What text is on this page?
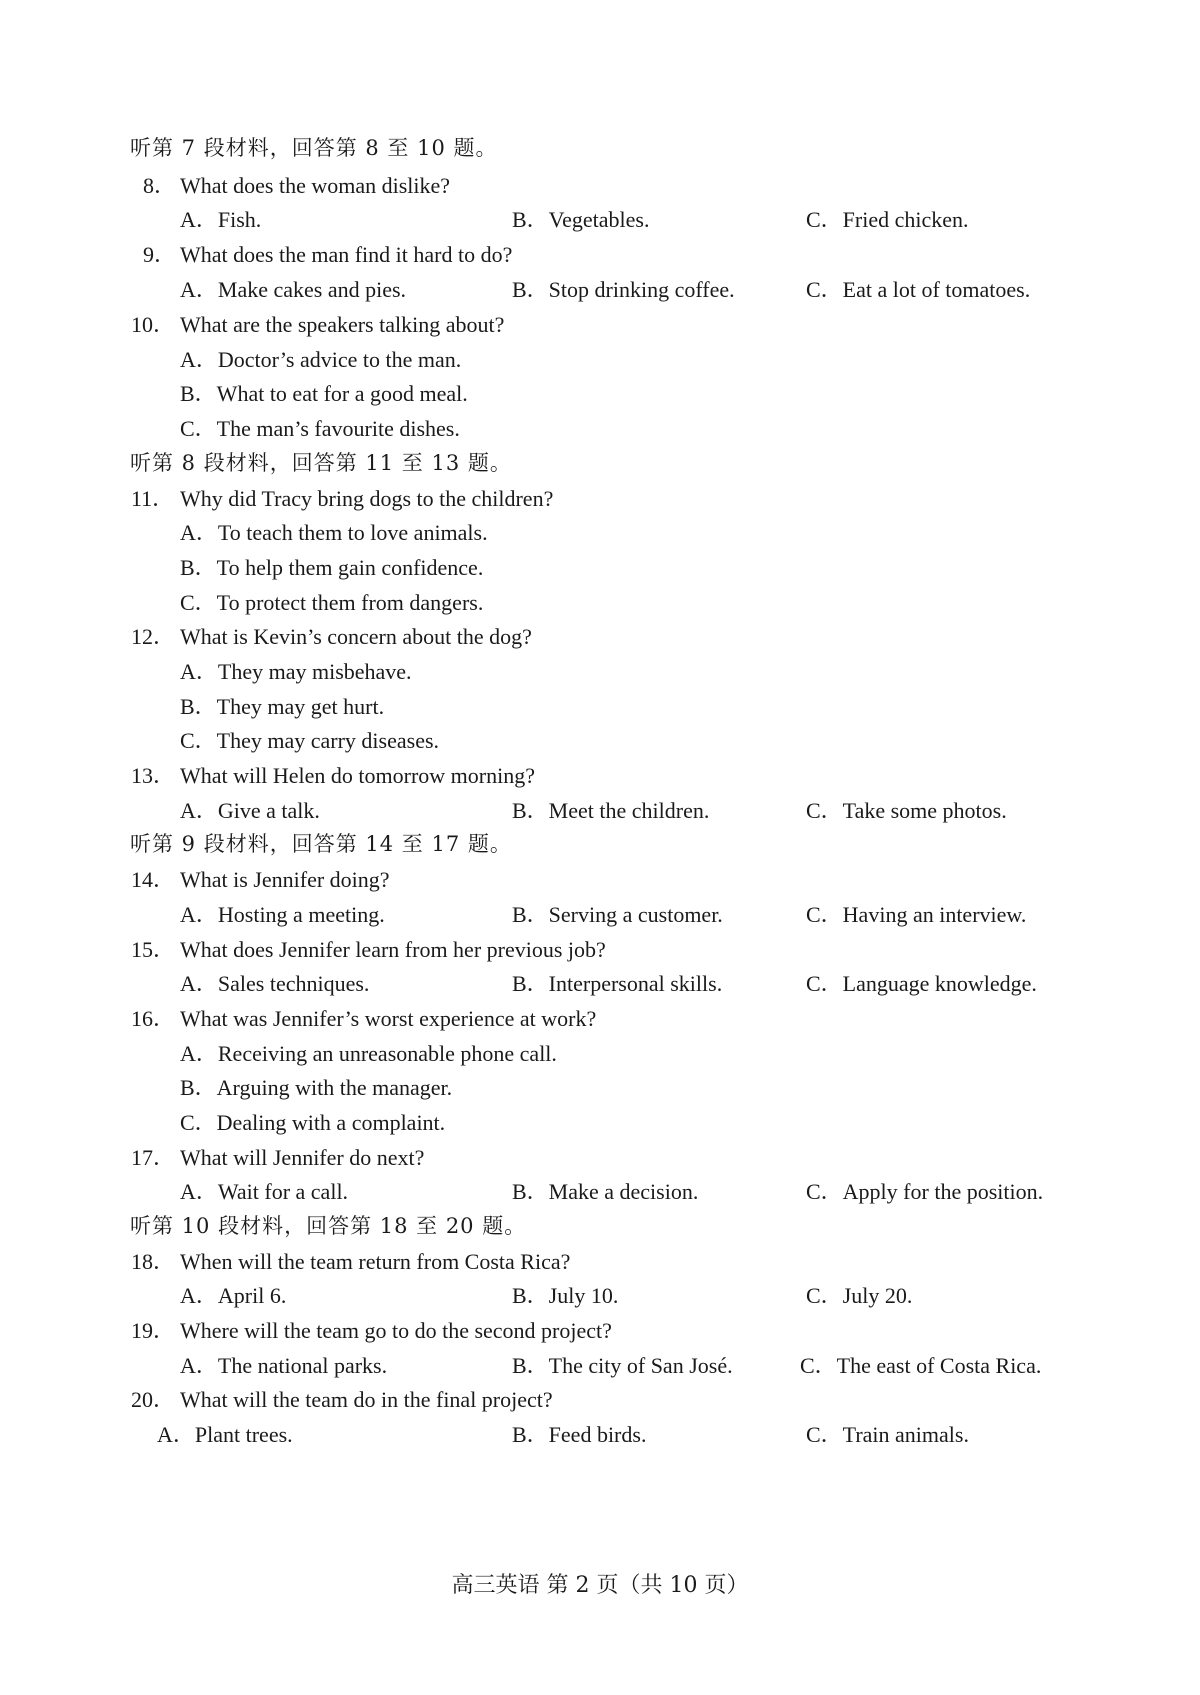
听第 7 段材料，回答第 8 至 10 题。
8． What does the woman dislike?
A．Fish.	B．Vegetables.	C．Fried chicken.
9． What does the man find it hard to do?
A．Make cakes and pies.	B．Stop drinking coffee.	C．Eat a lot of tomatoes.
10． What are the speakers talking about?
A．Doctor’s advice to the man.
B．What to eat for a good meal.
C．The man’s favourite dishes.
听第 8 段材料，回答第 11 至 13 题。
11． Why did Tracy bring dogs to the children?
A．To teach them to love animals.
B．To help them gain confidence.
C．To protect them from dangers.
12． What is Kevin’s concern about the dog?
A．They may misbehave.
B．They may get hurt.
C．They may carry diseases.
13． What will Helen do tomorrow morning?
A．Give a talk.	B．Meet the children.	C．Take some photos.
听第 9 段材料，回答第 14 至 17 题。
14． What is Jennifer doing?
A．Hosting a meeting.	B．Serving a customer.	C．Having an interview.
15． What does Jennifer learn from her previous job?
A．Sales techniques.	B．Interpersonal skills.	C．Language knowledge.
16． What was Jennifer’s worst experience at work?
A．Receiving an unreasonable phone call.
B．Arguing with the manager.
C．Dealing with a complaint.
17． What will Jennifer do next?
A．Wait for a call.	B．Make a decision.	C．Apply for the position.
听第 10 段材料，回答第 18 至 20 题。
18． When will the team return from Costa Rica?
A．April 6.	B．July 10.	C．July 20.
19． Where will the team go to do the second project?
A．The national parks.	B．The city of San José.	C．The east of Costa Rica.
20． What will the team do in the final project?
A．Plant trees.	B．Feed birds.	C．Train animals.
高三英语 第 2 页（共 10 页）
